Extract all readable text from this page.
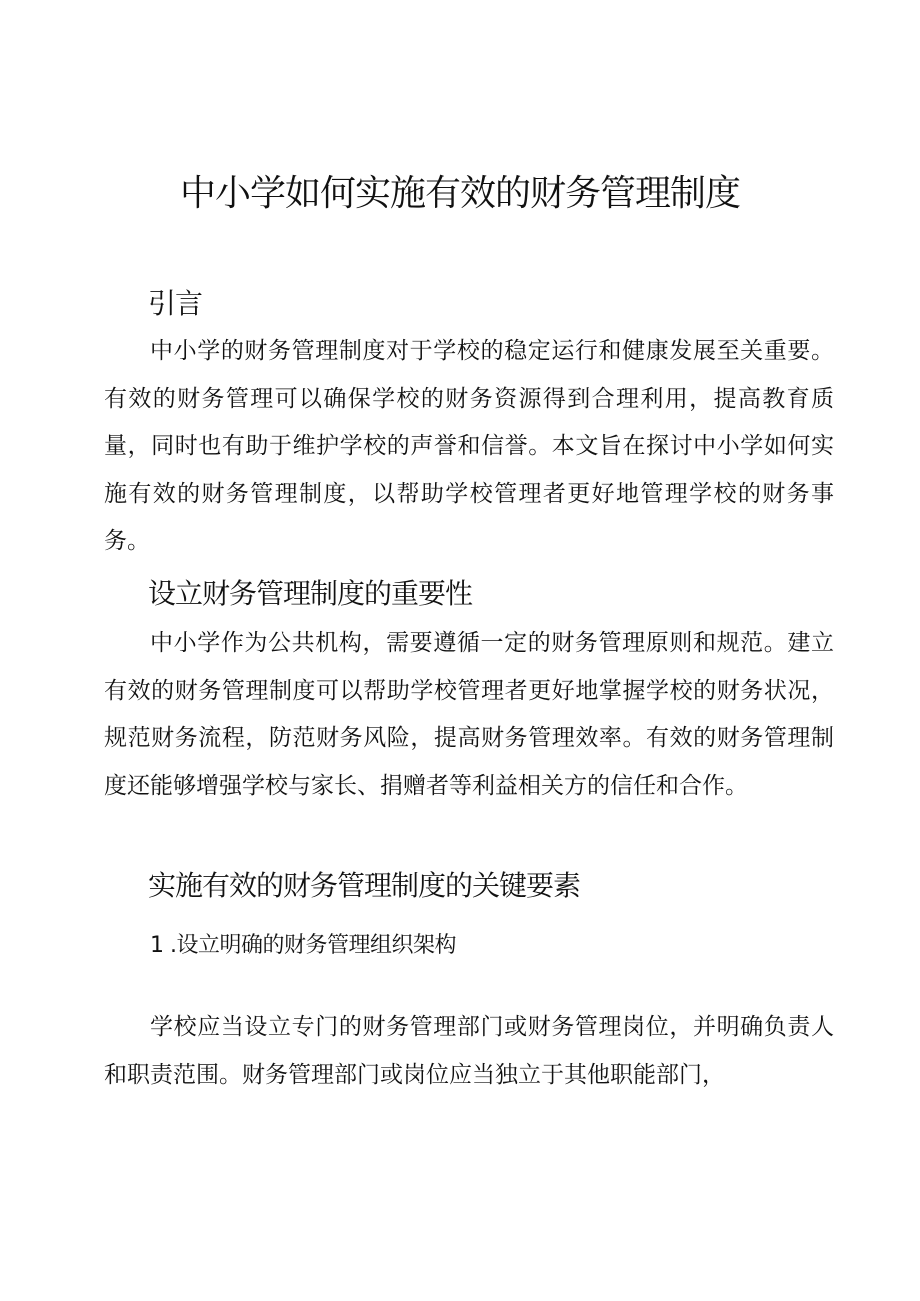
中小学如何实施有效的财务管理制度
引言

中小学的财务管理制度对于学校的稳定运行和健康发展至关重要。有效的财务管理可以确保学校的财务资源得到合理利用，提高教育质量，同时也有助于维护学校的声誉和信誉。本文旨在探讨中小学如何实施有效的财务管理制度，以帮助学校管理者更好地管理学校的财务事务。

设立财务管理制度的重要性

中小学作为公共机构，需要遵循一定的财务管理原则和规范。建立有效的财务管理制度可以帮助学校管理者更好地掌握学校的财务状况，规范财务流程，防范财务风险，提高财务管理效率。有效的财务管理制度还能够增强学校与家长、捐赠者等利益相关方的信任和合作。

实施有效的财务管理制度的关键要素
1 .设立明确的财务管理组织架构

学校应当设立专门的财务管理部门或财务管理岗位，并明确负责人和职责范围。财务管理部门或岗位应当独立于其他职能部门，
